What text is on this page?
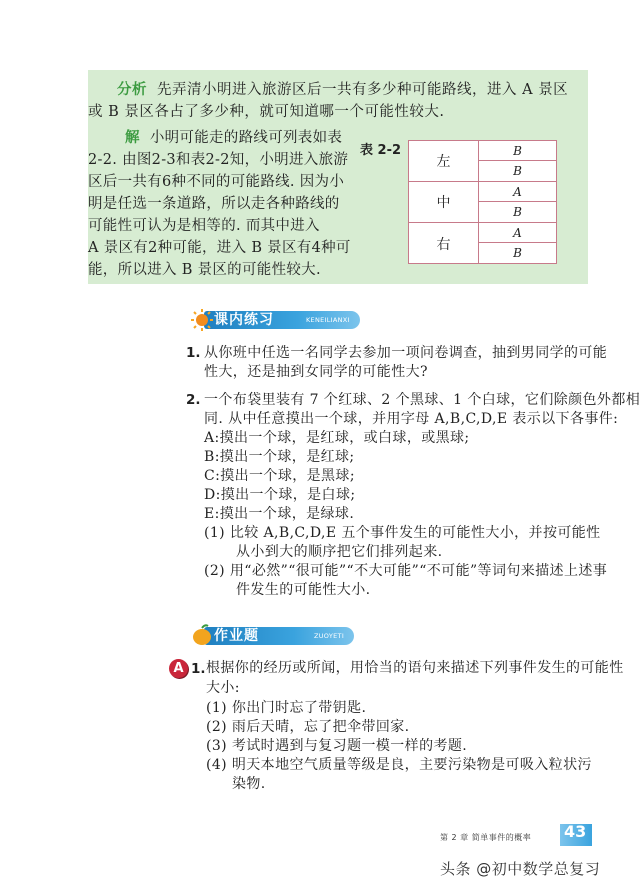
分析 先弄清小明进入旅游区后一共有多少种可能路线，进入 A 景区
或 B 景区各占了多少种，就可知道哪一个可能性较大.
解 小明可能走的路线可列表如表
2-2. 由图2-3和表2-2知，小明进入旅游
区后一共有6种不同的可能路线. 因为小
明是任选一条道路，所以走各种路线的
可能性可认为是相等的. 而其中进入
A 景区有2种可能，进入 B 景区有4种可
能，所以进入 B 景区的可能性较大.
表 2-2
左
B
B
中
A
B
右
A
B
课内练习	KENEILIANXI
1. 从你班中任选一名同学去参加一项问卷调查，抽到男同学的可能
性大，还是抽到女同学的可能性大?
2. 一个布袋里装有 7 个红球、2 个黑球、1 个白球，它们除颜色外都相
同. 从中任意摸出一个球，并用字母 A,B,C,D,E 表示以下各事件:
A:摸出一个球，是红球，或白球，或黑球;
B:摸出一个球，是红球;
C:摸出一个球，是黑球;
D:摸出一个球，是白球;
E:摸出一个球，是绿球.
(1) 比较 A,B,C,D,E 五个事件发生的可能性大小，并按可能性
从小到大的顺序把它们排列起来.
(2) 用“必然”“很可能”“不大可能”“不可能”等词句来描述上述事
件发生的可能性大小.
作业题	ZUOYETI
A 1. 根据你的经历或所闻，用恰当的语句来描述下列事件发生的可能性
大小:
(1) 你出门时忘了带钥匙.
(2) 雨后天晴，忘了把伞带回家.
(3) 考试时遇到与复习题一模一样的考题.
(4) 明天本地空气质量等级是良，主要污染物是可吸入粒状污
染物.
第 2 章 简单事件的概率 43
头条 @初中数学总复习
